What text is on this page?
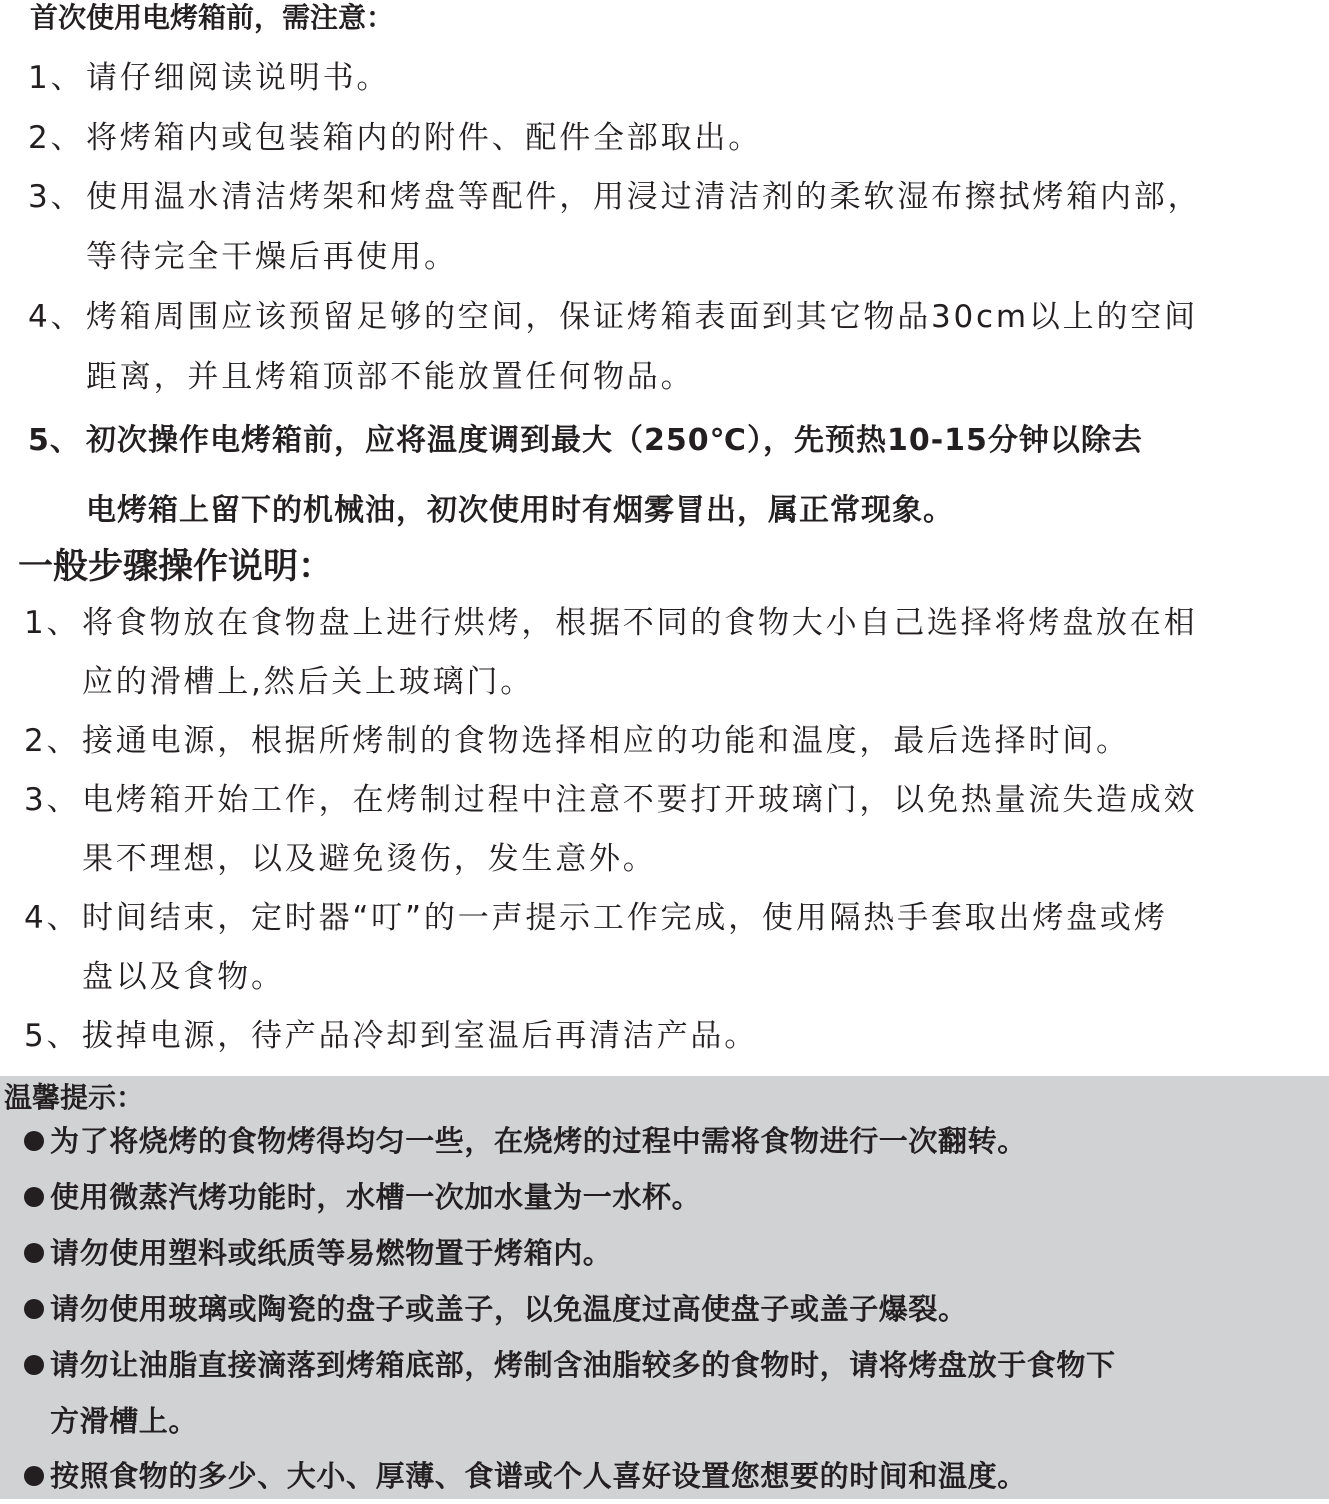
首次使用电烤箱前，需注意：
1、 请仔细阅读说明书。
2、 将烤箱内或包装箱内的附件、配件全部取出。
3、 使用温水清洁烤架和烤盘等配件，用浸过清洁剂的柔软湿布擦拭烤箱内部，
等待完全干燥后再使用。
4、 烤箱周围应该预留足够的空间，保证烤箱表面到其它物品30cm以上的空间
距离，并且烤箱顶部不能放置任何物品。
5、 初次操作电烤箱前，应将温度调到最大（250℃），先预热10-15分钟以除去
电烤箱上留下的机械油，初次使用时有烟雾冒出，属正常现象。
一般步骤操作说明：
1、 将食物放在食物盘上进行烘烤，根据不同的食物大小自己选择将烤盘放在相
应的滑槽上,然后关上玻璃门。
2、 接通电源，根据所烤制的食物选择相应的功能和温度，最后选择时间。
3、 电烤箱开始工作，在烤制过程中注意不要打开玻璃门，以免热量流失造成效
果不理想，以及避免烫伤，发生意外。
4、 时间结束，定时器“叮”的一声提示工作完成，使用隔热手套取出烤盘或烤
盘以及食物。
5、 拔掉电源，待产品冷却到室温后再清洁产品。
温馨提示：
为了将烧烤的食物烤得均匀一些，在烧烤的过程中需将食物进行一次翻转。
使用微蒸汽烤功能时，水槽一次加水量为一水杯。
请勿使用塑料或纸质等易燃物置于烤箱内。
请勿使用玻璃或陶瓷的盘子或盖子，以免温度过高使盘子或盖子爆裂。
请勿让油脂直接滴落到烤箱底部，烤制含油脂较多的食物时，请将烤盘放于食物下
方滑槽上。
按照食物的多少、大小、厚薄、食谱或个人喜好设置您想要的时间和温度。
